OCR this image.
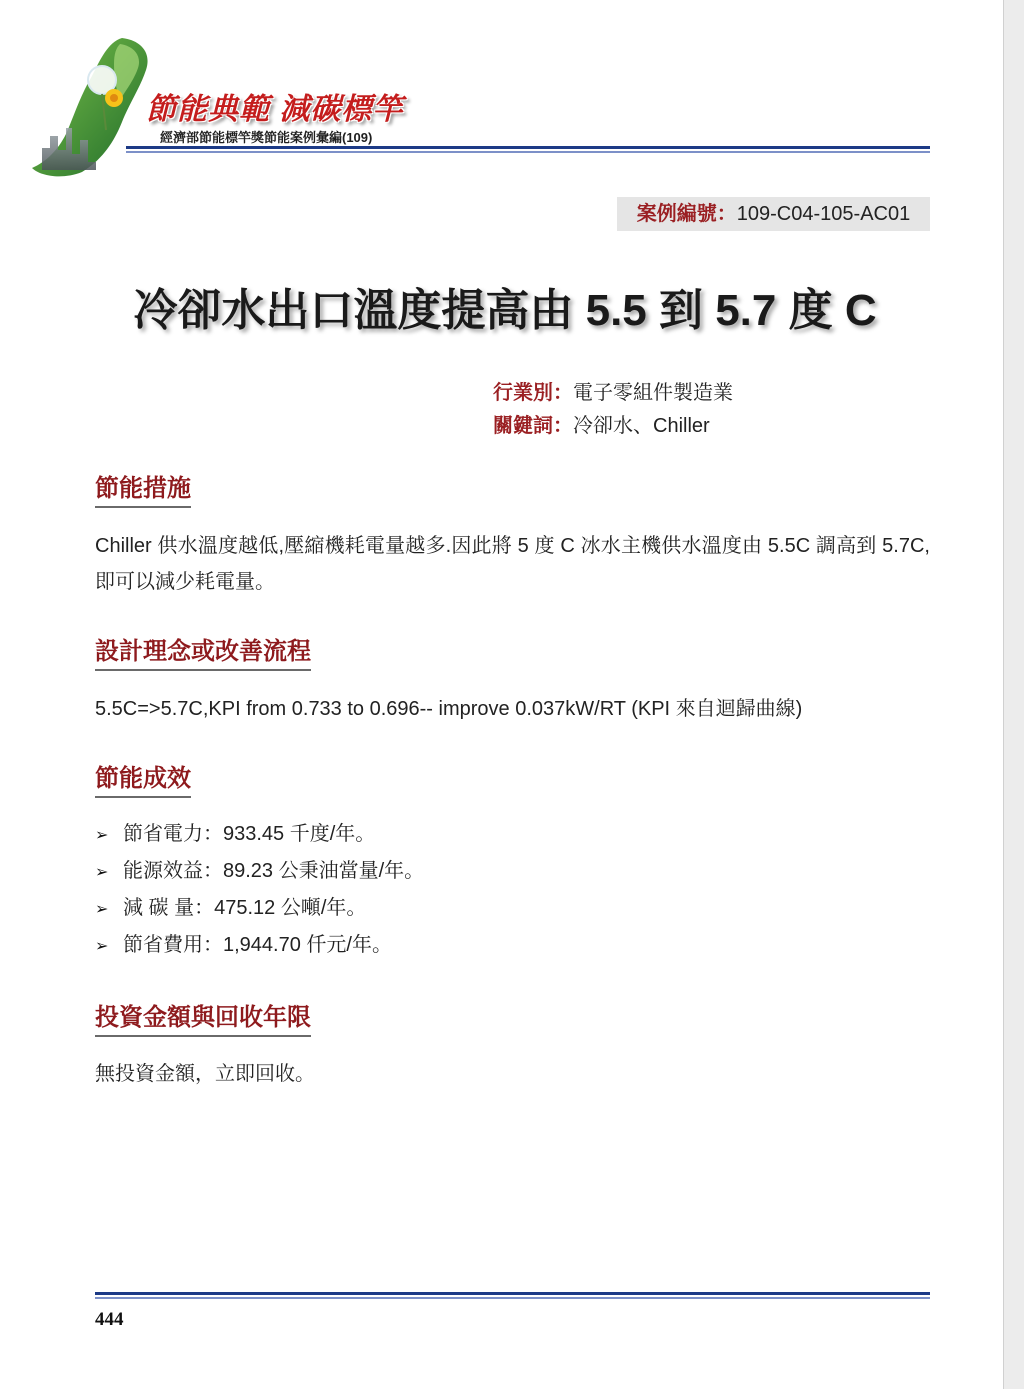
節能典範 減碳標竿
經濟部節能標竿獎節能案例彙編(109)
案例編號：109-C04-105-AC01
冷卻水出口溫度提高由 5.5 到 5.7 度 C
行業別：電子零組件製造業
關鍵詞：冷卻水、Chiller
節能措施
Chiller 供水溫度越低,壓縮機耗電量越多.因此將 5 度 C 冰水主機供水溫度由 5.5C 調高到 5.7C,即可以減少耗電量。
設計理念或改善流程
5.5C=>5.7C,KPI from 0.733 to 0.696-- improve 0.037kW/RT (KPI 來自迴歸曲線)
節能成效
➢ 節省電力：933.45 千度/年。
➢ 能源效益：89.23 公秉油當量/年。
➢ 減 碳 量：475.12 公噸/年。
➢ 節省費用：1,944.70 仟元/年。
投資金額與回收年限
無投資金額，立即回收。
444
